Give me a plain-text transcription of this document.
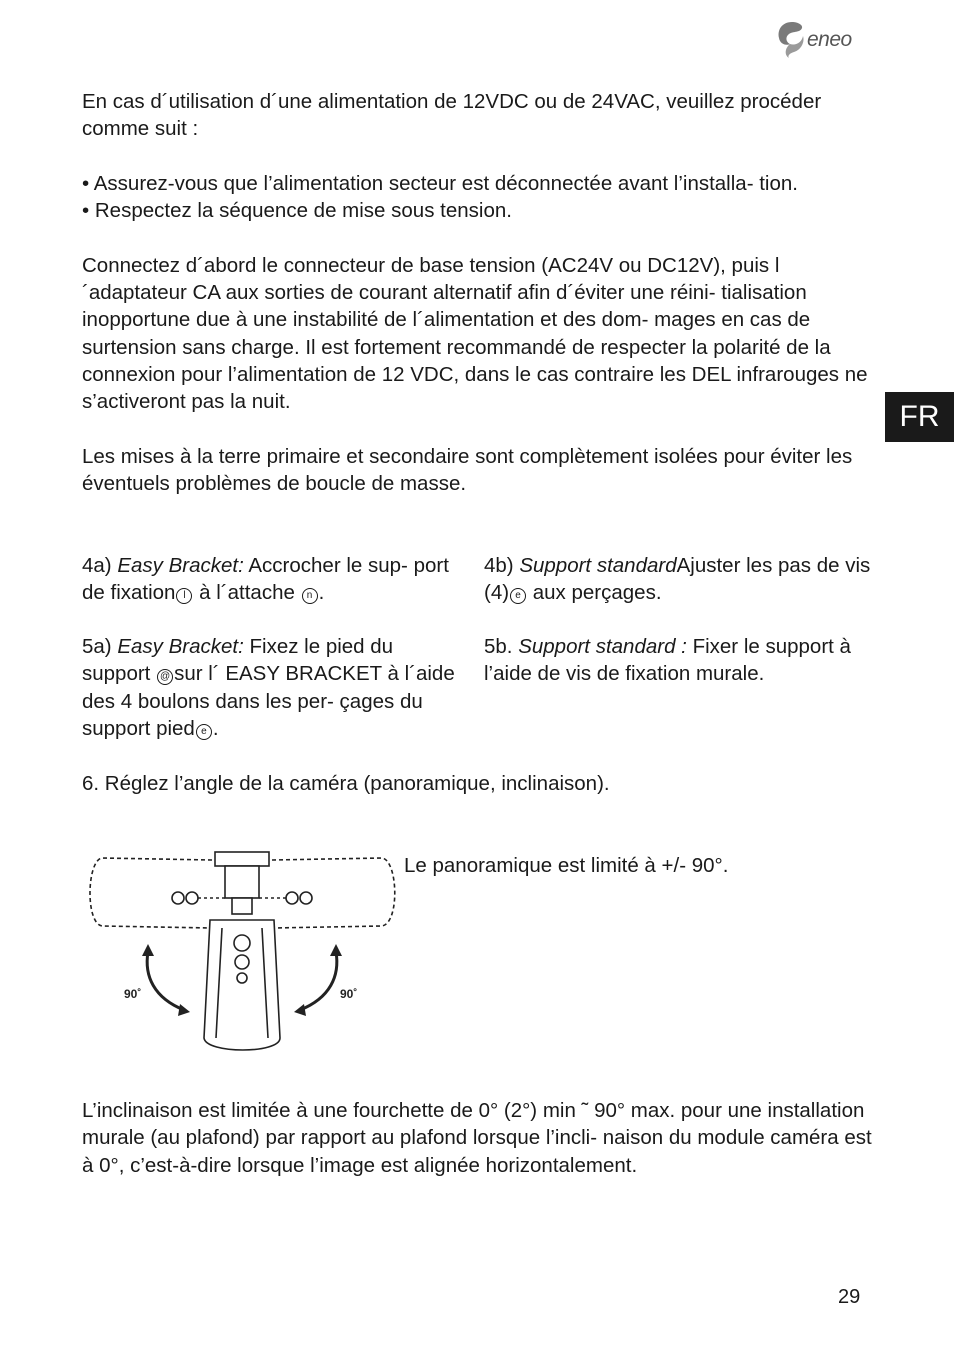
eneo
FR

En cas d´utilisation d´une alimentation de 12VDC ou de 24VAC, veuillez procéder comme suit :

• Assurez-vous que l’alimentation secteur est déconnectée avant l’installa- tion.

• Respectez la séquence de mise sous tension.

Connectez d´abord le connecteur de base tension (AC24V ou DC12V), puis l´adaptateur CA aux sorties de courant alternatif afin d´éviter une réini- tialisation inopportune due à une instabilité de l´alimentation et des dom- mages en cas de surtension sans charge. Il est fortement recommandé de respecter la polarité de la connexion pour l’alimentation de 12 VDC, dans le cas contraire les DEL infrarouges ne s’activeront pas la nuit.

Les mises à la terre primaire et secondaire sont complètement isolées pour éviter les éventuels problèmes de boucle de masse.

4a) Easy Bracket: Accrocher le sup- port de fixation l à l´attache n .
4b) Support standardAjuster les pas de vis (4) e aux perçages.
5a) Easy Bracket: Fixez le pied du support @ sur l´ EASY BRACKET à l´aide des 4 boulons dans les per- çages du support pied e .
5b. Support standard : Fixer le support à l’aide de vis de fixation murale.

6. Réglez l’angle de la caméra (panoramique, inclinaison).

90˚	90˚

Le panoramique est limité à +/- 90°.

L’inclinaison est limitée à une fourchette de 0° (2°) min ˜ 90° max. pour une installation murale (au plafond) par rapport au plafond lorsque l’incli- naison du module caméra est à 0°, c’est-à-dire lorsque l’image est alignée horizontalement.

29
